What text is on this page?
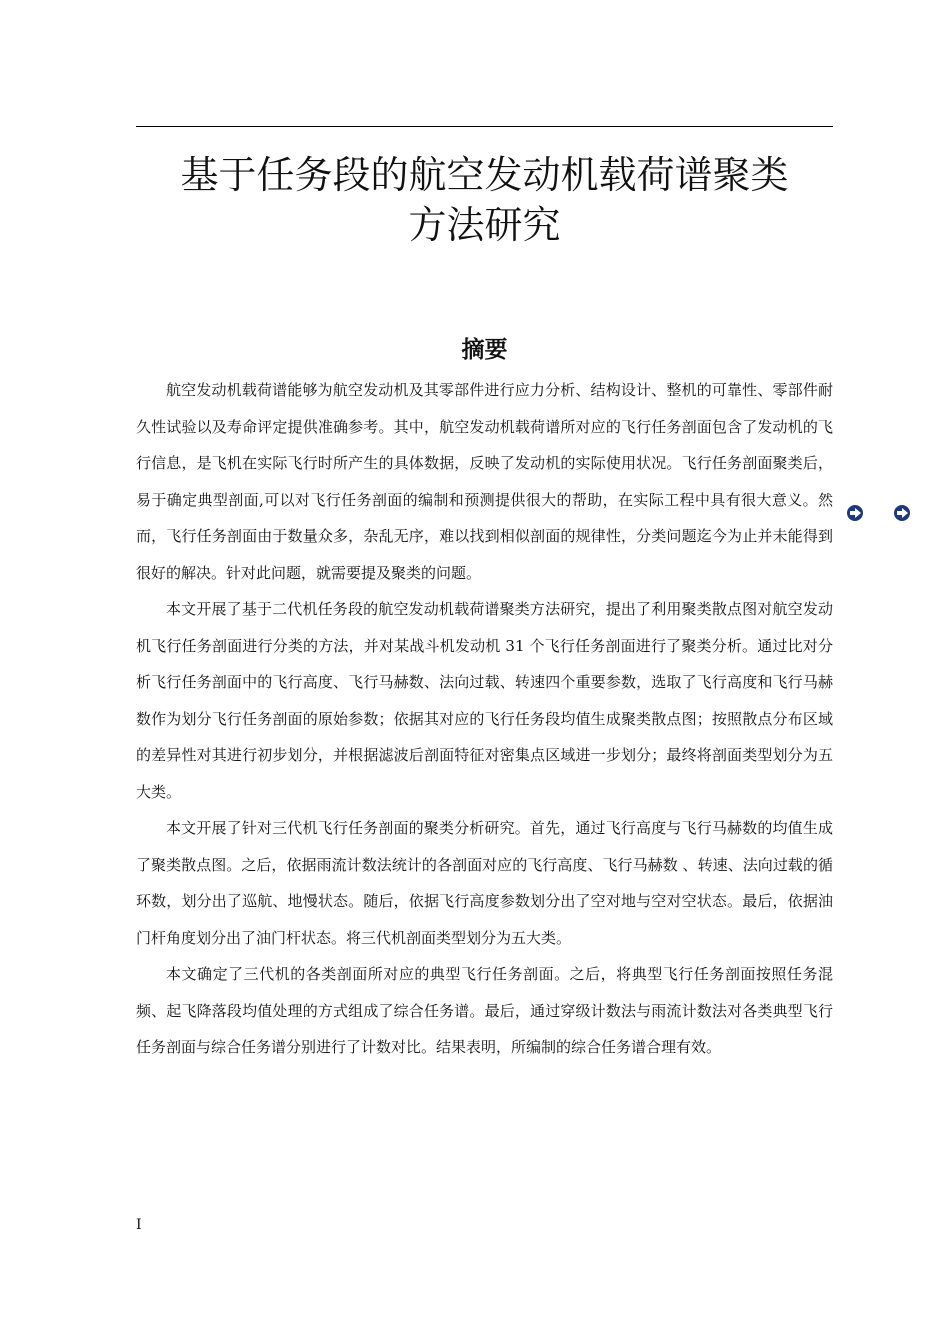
基于任务段的航空发动机载荷谱聚类
方法研究
摘要

航空发动机载荷谱能够为航空发动机及其零部件进行应力分析、结构设计、整机的可靠性、零部件耐久性试验以及寿命评定提供准确参考。其中，航空发动机载荷谱所对应的飞行任务剖面包含了发动机的飞行信息，是飞机在实际飞行时所产生的具体数据，反映了发动机的实际使用状况。飞行任务剖面聚类后，易于确定典型剖面,可以对飞行任务剖面的编制和预测提供很大的帮助，在实际工程中具有很大意义。然而，飞行任务剖面由于数量众多，杂乱无序，难以找到相似剖面的规律性，分类问题迄今为止并未能得到很好的解决。针对此问题，就需要提及聚类的问题。

本文开展了基于二代机任务段的航空发动机载荷谱聚类方法研究，提出了利用聚类散点图对航空发动机飞行任务剖面进行分类的方法，并对某战斗机发动机 31 个飞行任务剖面进行了聚类分析。通过比对分析飞行任务剖面中的飞行高度、飞行马赫数、法向过载、转速四个重要参数，选取了飞行高度和飞行马赫数作为划分飞行任务剖面的原始参数；依据其对应的飞行任务段均值生成聚类散点图；按照散点分布区域的差异性对其进行初步划分，并根据滤波后剖面特征对密集点区域进一步划分；最终将剖面类型划分为五大类。

本文开展了针对三代机飞行任务剖面的聚类分析研究。首先，通过飞行高度与飞行马赫数的均值生成了聚类散点图。之后，依据雨流计数法统计的各剖面对应的飞行高度、飞行马赫数 、转速、法向过载的循环数，划分出了巡航、地慢状态。随后，依据飞行高度参数划分出了空对地与空对空状态。最后，依据油门杆角度划分出了油门杆状态。将三代机剖面类型划分为五大类。

本文确定了三代机的各类剖面所对应的典型飞行任务剖面。之后，将典型飞行任务剖面按照任务混频、起飞降落段均值处理的方式组成了综合任务谱。最后，通过穿级计数法与雨流计数法对各类典型飞行任务剖面与综合任务谱分别进行了计数对比。结果表明，所编制的综合任务谱合理有效。

I
